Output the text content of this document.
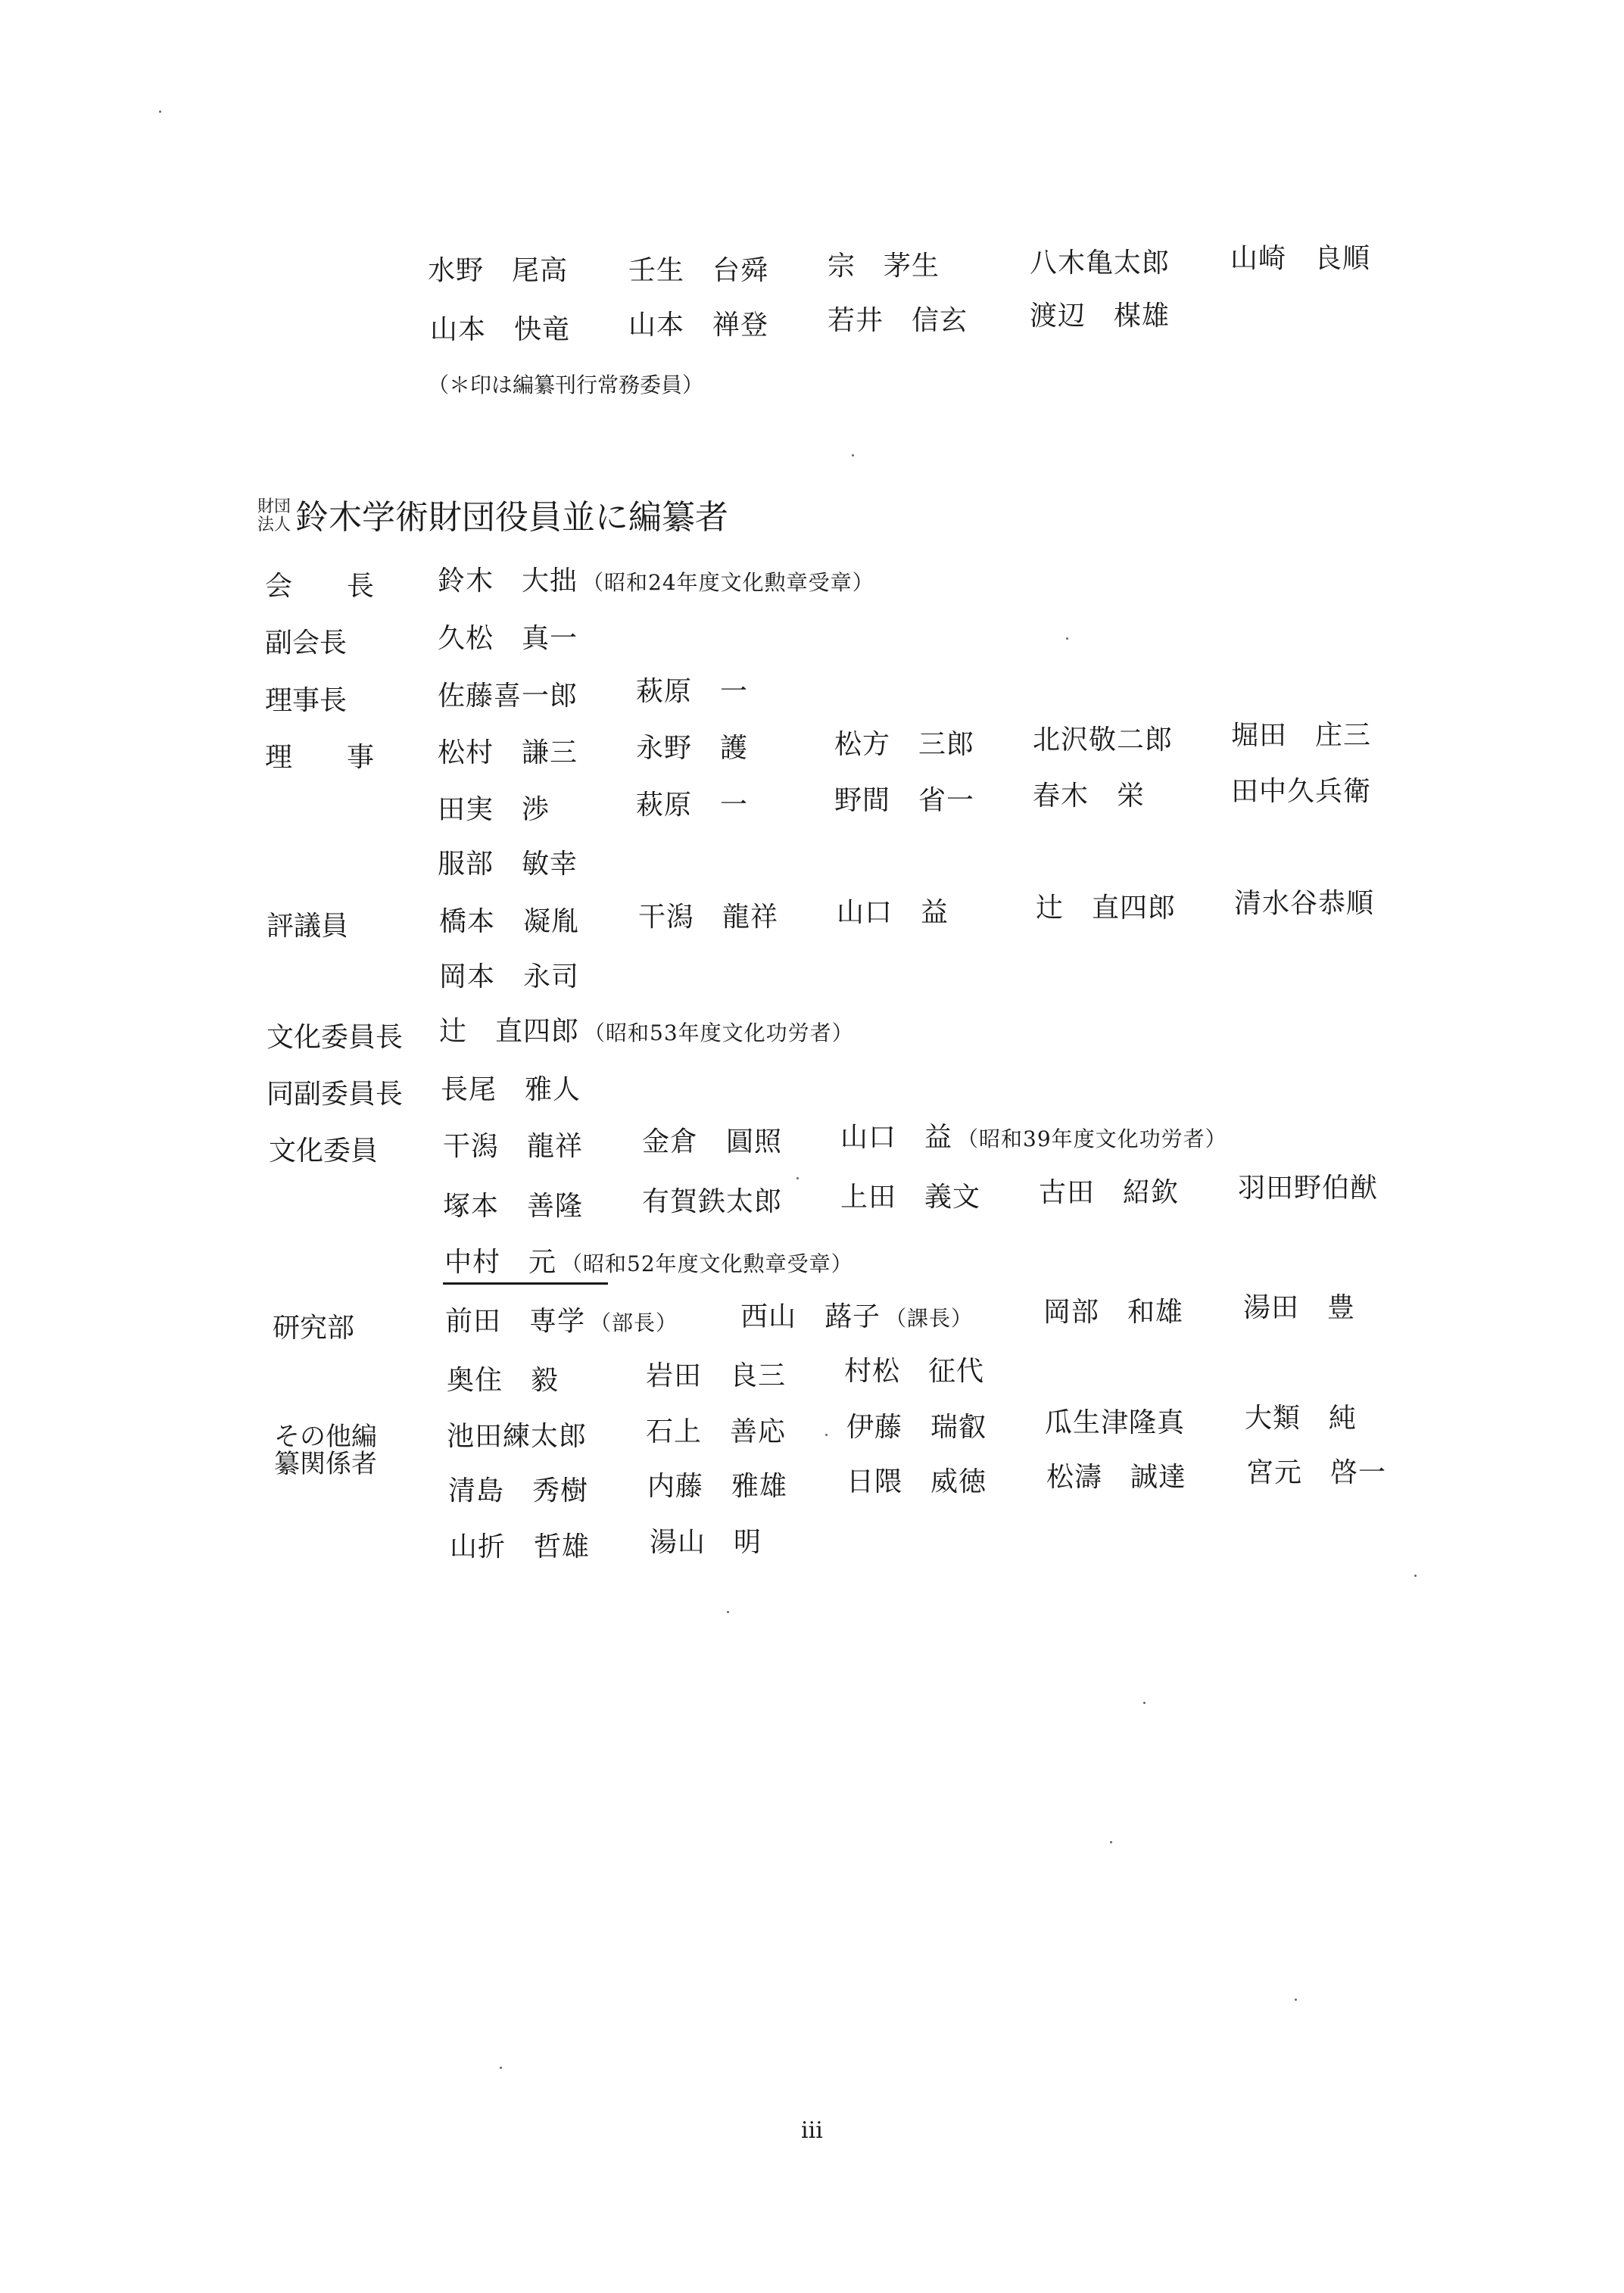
水野　尾高 壬生　台舜 宗　茅生	八木亀太郎 山崎　良順
山本　快竜 山本　禅登 若井　信玄 渡辺　楳雄
（＊印は編纂刊行常務委員）
財団
法人 鈴木学術財団役員並に編纂者
会　　長 鈴木　大拙 （昭和24年度文化勲章受章）
副会長	久松　真一
理事長	佐藤喜一郎 萩原　一
理　　事 松村　謙三 永野　護	松方　三郎 北沢敬二郎 堀田　庄三
田実　渉	萩原　一	野間　省一 春木　栄	田中久兵衛
服部　敏幸
評議員	橋本　凝胤 干潟　龍祥 山口　益	辻　直四郎 清水谷恭順
岡本　永司
文化委員長 辻　直四郎 （昭和53年度文化功労者）
同副委員長 長尾　雅人
文化委員 干潟　龍祥 金倉　圓照 山口　益 （昭和39年度文化功労者）
塚本　善隆 有賀鉄太郎 上田　義文 古田　紹欽 羽田野伯猷
中村　元 （昭和52年度文化勲章受章）
研究部	前田　専学 （部長） 西山　蕗子 （課長）	岡部　和雄 湯田　豊
奥住　毅	岩田　良三 村松　征代
その他編
纂関係者
池田練太郎 石上　善応 伊藤　瑞叡 瓜生津隆真 大類　純
清島　秀樹 内藤　雅雄 日隈　威徳 松濤　誠達 宮元　啓一
山折　哲雄 湯山　明
iii
